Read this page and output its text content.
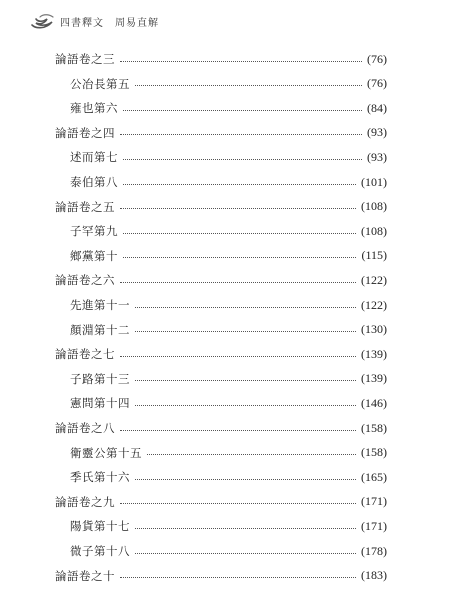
四書釋文　周易直解
論語卷之三	(76)
公冶長第五	(76)
雍也第六	(84)
論語卷之四	(93)
述而第七	(93)
泰伯第八	(101)
論語卷之五	(108)
子罕第九	(108)
鄉黨第十	(115)
論語卷之六	(122)
先進第十一	(122)
顏淵第十二	(130)
論語卷之七	(139)
子路第十三	(139)
憲問第十四	(146)
論語卷之八	(158)
衛靈公第十五	(158)
季氏第十六	(165)
論語卷之九	(171)
陽貨第十七	(171)
微子第十八	(178)
論語卷之十	(183)
